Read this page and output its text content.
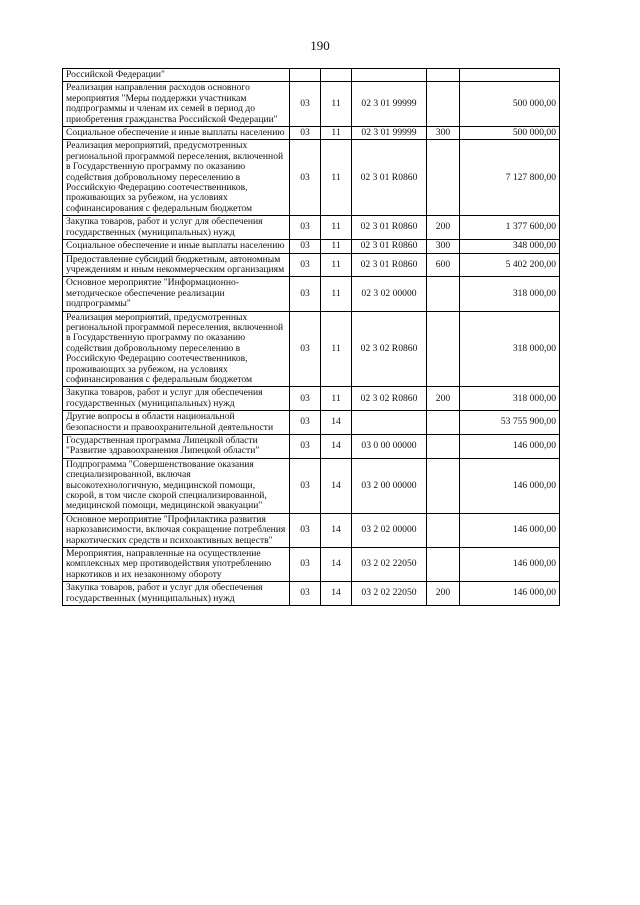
190
Российской Федерации"					
Реализация направления расходов основного мероприятия "Меры поддержки участникам подпрограммы и членам их семей в период до приобретения гражданства Российской Федерации"	03	11	02 3 01 99999		500 000,00
Социальное обеспечение и иные выплаты населению	03	11	02 3 01 99999	300	500 000,00
Реализация мероприятий, предусмотренных региональной программой переселения, включенной в Государственную программу по оказанию содействия добровольному переселению в Российскую Федерацию соотечественников, проживающих за рубежом, на условиях софинансирования с федеральным бюджетом	03	11	02 3 01 R0860		7 127 800,00
Закупка товаров, работ и услуг для обеспечения государственных (муниципальных) нужд	03	11	02 3 01 R0860	200	1 377 600,00
Социальное обеспечение и иные выплаты населению	03	11	02 3 01 R0860	300	348 000,00
Предоставление субсидий бюджетным, автономным учреждениям и иным некоммерческим организациям	03	11	02 3 01 R0860	600	5 402 200,00
Основное мероприятие "Информационно-методическое обеспечение реализации подпрограммы"	03	11	02 3 02 00000		318 000,00
Реализация мероприятий, предусмотренных региональной программой переселения, включенной в Государственную программу по оказанию содействия добровольному переселению в Российскую Федерацию соотечественников, проживающих за рубежом, на условиях софинансирования с федеральным бюджетом	03	11	02 3 02 R0860		318 000,00
Закупка товаров, работ и услуг для обеспечения государственных (муниципальных) нужд	03	11	02 3 02 R0860	200	318 000,00
Другие вопросы в области национальной безопасности и правоохранительной деятельности	03	14			53 755 900,00
Государственная программа Липецкой области "Развитие здравоохранения Липецкой области"	03	14	03 0 00 00000		146 000,00
Подпрограмма "Совершенствование оказания специализированной, включая высокотехнологичную, медицинской помощи, скорой, в том числе скорой специализированной, медицинской помощи, медицинской эвакуации"	03	14	03 2 00 00000		146 000,00
Основное мероприятие "Профилактика развития наркозависимости, включая сокращение потребления наркотических средств и психоактивных веществ"	03	14	03 2 02 00000		146 000,00
Мероприятия, направленные на осуществление комплексных мер противодействия употреблению наркотиков и их незаконному обороту	03	14	03 2 02 22050		146 000,00
Закупка товаров, работ и услуг для обеспечения государственных (муниципальных) нужд	03	14	03 2 02 22050	200	146 000,00
